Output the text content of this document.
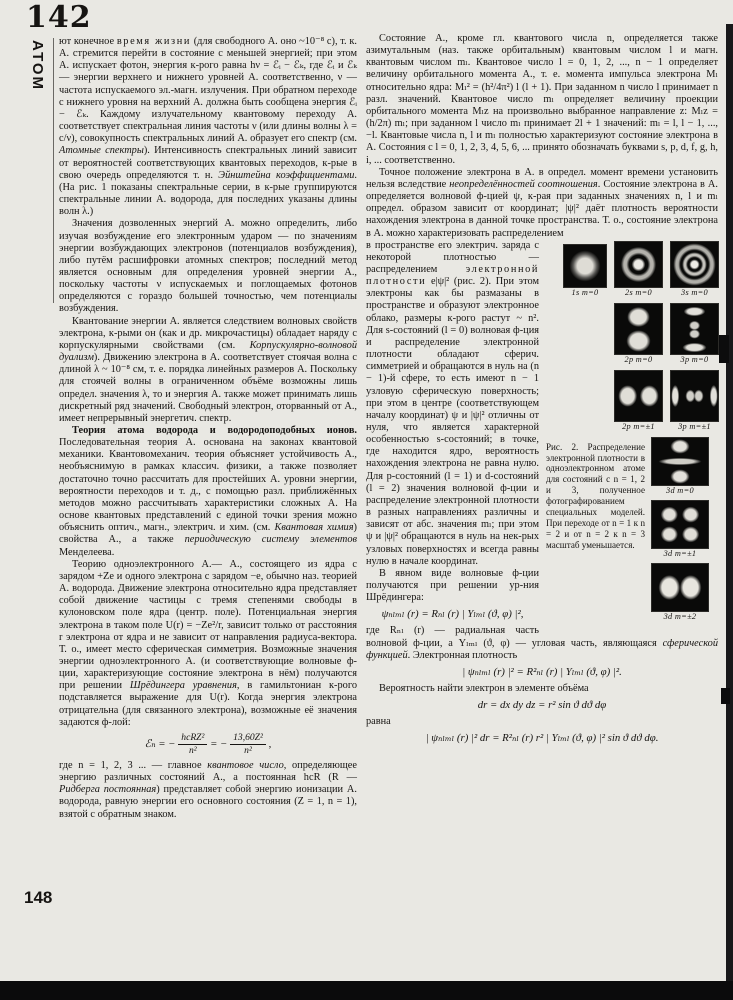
142
АТОМ
148

ют конечное время жизни (для свободного А. оно ~10⁻⁸ с), т. к. А. стремится перейти в состояние с меньшей энергией; при этом А. испускает фотон, энергия к-рого равна hν = ℰᵢ − ℰₖ, где ℰᵢ и ℰₖ — энергии верхнего и нижнего уровней А. соответственно, ν — частота испускаемого эл.-магн. излучения. При обратном переходе с нижнего уровня на верхний А. должна быть сообщена энергия ℰᵢ − ℰₖ. Каждому излучательному квантовому переходу А. соответствует спектральная линия частоты ν (или длины волны λ = c/ν), совокупность спектральных линий А. образует его спектр (см. Атомные спектры). Интенсивность спектральных линий зависит от вероятностей соответствующих квантовых переходов, к-рые в свою очередь определяются т. н. Эйнштейна коэффициентами. (На рис. 1 показаны спектральные серии, в к-рые группируются спектральные линии А. водорода, для последних указаны длины волн λ.)

Значения дозволенных энергий А. можно определить, либо изучая возбуждение его электронным ударом — по значениям энергии возбуждающих электронов (потенциалов возбуждения), либо путём расшифровки атомных спектров; последний метод является основным для определения уровней энергии А., поскольку частоты ν испускаемых и поглощаемых фотонов определяются с гораздо большей точностью, чем потенциалы возбуждения.

Квантование энергии А. является следствием волновых свойств электрона, к-рыми он (как и др. микрочастицы) обладает наряду с корпускулярными свойствами (см. Корпускулярно-волновой дуализм). Движению электрона в А. соответствует стоячая волна с длиной λ ~ 10⁻⁸ см, т. е. порядка линейных размеров А. Поскольку для стоячей волны в ограниченном объёме возможны лишь определ. значения λ, то и энергия А. также может принимать лишь дискретный ряд значений. Свободный электрон, оторванный от А., имеет непрерывный энергетич. спектр.

Теория атома водорода и водородоподобных ионов. Последовательная теория А. основана на законах квантовой механики. Квантовомеханич. теория объясняет устойчивость А., необъяснимую в рамках классич. физики, а также позволяет достаточно точно рассчитать для простейших А. уровни энергии, вероятности переходов и т. д., с помощью разл. приближённых методов можно рассчитывать характеристики сложных А. На основе квантовых представлений с единой точки зрения можно объяснить оптич., магн., электрич. и хим. (см. Квантовая химия) свойства А., а также периодическую систему элементов Менделеева.

Теорию одноэлектронного А.— А., состоящего из ядра с зарядом +Ze и одного электрона с зарядом −e, обычно наз. теорией А. водорода. Движение электрона относительно ядра представляет собой движение частицы с тремя степенями свободы в кулоновском поле ядра (центр. поле). Потенциальная энергия электрона в таком поле U(r) = −Ze²/r, зависит только от расстояния r электрона от ядра и не зависит от направления радиуса-вектора. Т. о., имеет место сферическая симметрия. Возможные значения энергии одноэлектронного А. (и соответствующие волновые ф-ции, характеризующие состояние электрона в нём) получаются при решении Шрёдингера уравнения, в гамильтониан к-рого подставляется выражение для U(r). Когда энергия электрона отрицательна (для связанного электрона), возможные её значения задаются ф-лой:

ℰₙ = − $\frac{\text{hcRZ²}}{\text{n²}}$ = − $\frac{\text{13,60Z²}}{\text{n²}}$ ,

где n = 1, 2, 3 ... — главное квантовое число, определяющее энергию различных состояний А., а постоянная hcR (R — Ридберга постоянная) представляет собой энергию ионизации А. водорода, равную энергии его основного состояния (Z = 1, n = 1), взятой с обратным знаком.

Состояние А., кроме гл. квантового числа n, определяется также азимутальным (наз. также орбитальным) квантовым числом l и магн. квантовым числом mₗ. Квантовое число l = 0, 1, 2, ..., n − 1 определяет величину орбитального момента А., т. е. момента импульса электрона Mₗ относительно ядра: Mₗ² = (h²/4π²) l (l + 1). При заданном n число l принимает n разл. значений. Квантовое число mₗ определяет величину проекции орбитального момента Mₗz на произвольно выбранное направление z: Mₗz = (h/2π) mₗ; при заданном l число mₗ принимает 2l + 1 значений: mₗ = l, l − 1, ..., −l. Квантовые числа n, l и mₗ полностью характеризуют состояние электрона в А. Состояния с l = 0, 1, 2, 3, 4, 5, 6, ... принято обозначать буквами s, p, d, f, g, h, i, ... соответственно.

Точное положение электрона в А. в определ. момент времени установить нельзя вследствие неопределённостей соотношения. Состояние электрона в А. определяется волновой ф-цией ψ, к-рая при заданных значениях n, l и mₗ определ. образом зависит от координат; |ψ|² даёт плотность вероятности нахождения электрона в данной точке пространства. Т. о., состояние электрона в А. можно характеризовать распределением

1s m=0	2s m=0	3s m=0
2p m=0	3p m=0
2p m=±1	3p m=±1
Рис. 2. Распределение электронной плотности в одноэлектронном атоме для состояний с n = 1, 2 и 3, полученное фотографированием специальных моделей. При переходе от n = 1 к n = 2 и от n = 2 к n = 3 масштаб уменьшается.
3d m=0
3d m=±1
3d m=±2

в пространстве его электрич. заряда с некоторой плотностью — распределением электронной плотности e|ψ|² (рис. 2). При этом электроны как бы размазаны в пространстве и образуют электронное облако, размеры к-рого растут ~ n². Для s-состояний (l = 0) волновая ф-ция и распределение электронной плотности обладают сферич. симметрией и обращаются в нуль на (n − 1)-й сфере, то есть имеют n − 1 узловую сферическую поверхность; при этом в центре (соответствующем началу координат) ψ и |ψ|² отличны от нуля, что является характерной особенностью s-состояний; в точке, где находится ядро, вероятность нахождения электрона не равна нулю. Для p-состояний (l = 1) и d-состояний (l = 2) значения волновой ф-ции и распределение электронной плотности в разных направлениях различны и зависят от абс. значения mₗ; при этом ψ и |ψ|² обращаются в нуль на нек-рых узловых поверхностях и всегда равны нулю в начале координат.

В явном виде волновые ф-ции получаются при решении ур-ния Шрёдингера:

ψₙₗₘₗ (r) = Rₙₗ (r) | Yₗₘₗ (ϑ, φ) |²,

где Rₙₗ (r) — радиальная часть волновой ф-ции, а Yₗₘₗ (ϑ, φ) — угловая часть, являющаяся сферической функцией. Электронная плотность

| ψₙₗₘₗ (r) |² = R²ₙₗ (r) | Yₗₘₗ (ϑ, φ) |².

Вероятность найти электрон в элементе объёма

dr = dx dy dz = r² sin ϑ dϑ dφ

равна

| ψₙₗₘₗ (r) |² dr = R²ₙₗ (r) r² | Yₗₘₗ (ϑ, φ) |² sin ϑ dϑ dφ.
